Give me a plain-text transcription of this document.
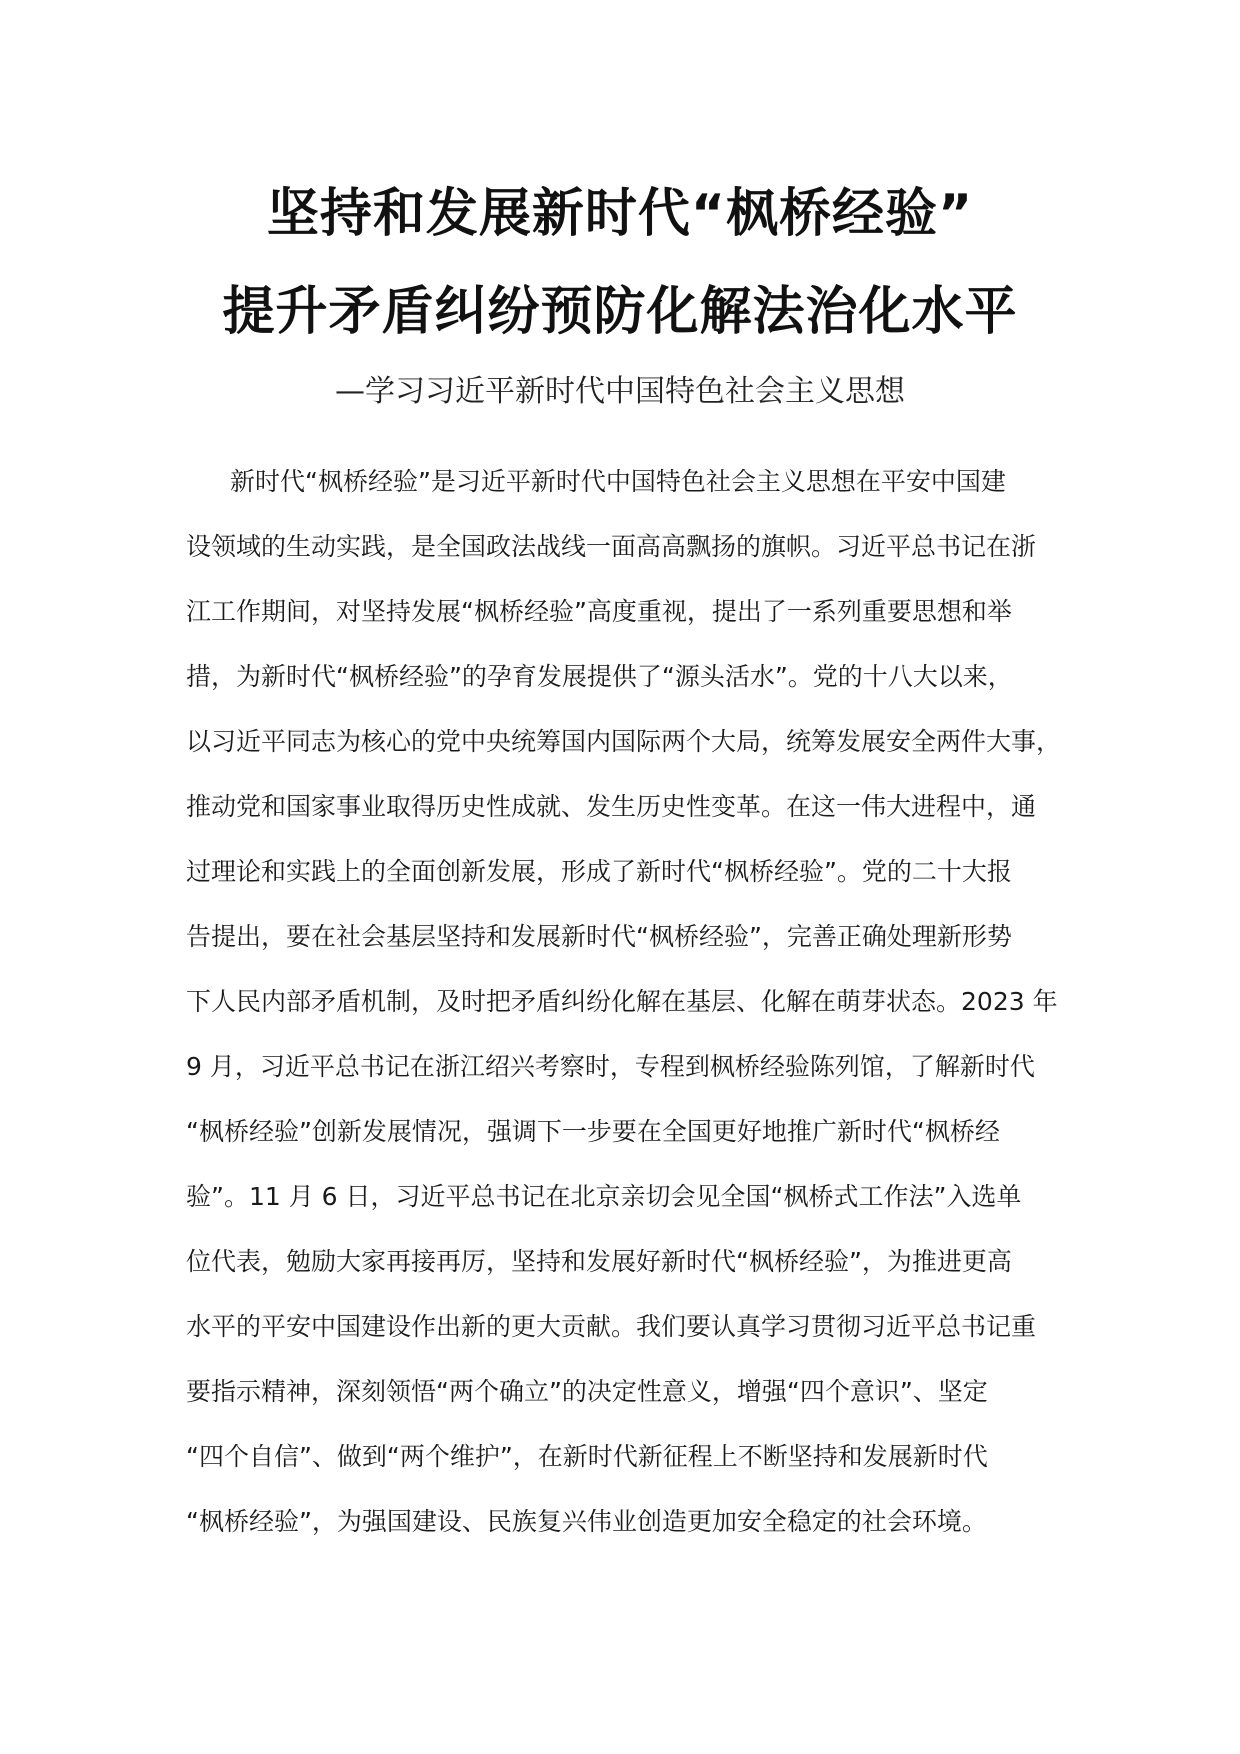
坚持和发展新时代“枫桥经验”
提升矛盾纠纷预防化解法治化水平
—学习习近平新时代中国特色社会主义思想
新时代“枫桥经验”是习近平新时代中国特色社会主义思想在平安中国建
设领域的生动实践，是全国政法战线一面高高飘扬的旗帜。习近平总书记在浙
江工作期间，对坚持发展“枫桥经验”高度重视，提出了一系列重要思想和举
措，为新时代“枫桥经验”的孕育发展提供了“源头活水”。党的十八大以来，
以习近平同志为核心的党中央统筹国内国际两个大局，统筹发展安全两件大事，
推动党和国家事业取得历史性成就、发生历史性变革。在这一伟大进程中，通
过理论和实践上的全面创新发展，形成了新时代“枫桥经验”。党的二十大报
告提出，要在社会基层坚持和发展新时代“枫桥经验”，完善正确处理新形势
下人民内部矛盾机制，及时把矛盾纠纷化解在基层、化解在萌芽状态。2023 年
9 月，习近平总书记在浙江绍兴考察时，专程到枫桥经验陈列馆，了解新时代
“枫桥经验”创新发展情况，强调下一步要在全国更好地推广新时代“枫桥经
验”。11 月 6 日，习近平总书记在北京亲切会见全国“枫桥式工作法”入选单
位代表，勉励大家再接再厉，坚持和发展好新时代“枫桥经验”，为推进更高
水平的平安中国建设作出新的更大贡献。我们要认真学习贯彻习近平总书记重
要指示精神，深刻领悟“两个确立”的决定性意义，增强“四个意识”、坚定
“四个自信”、做到“两个维护”，在新时代新征程上不断坚持和发展新时代
“枫桥经验”，为强国建设、民族复兴伟业创造更加安全稳定的社会环境。
